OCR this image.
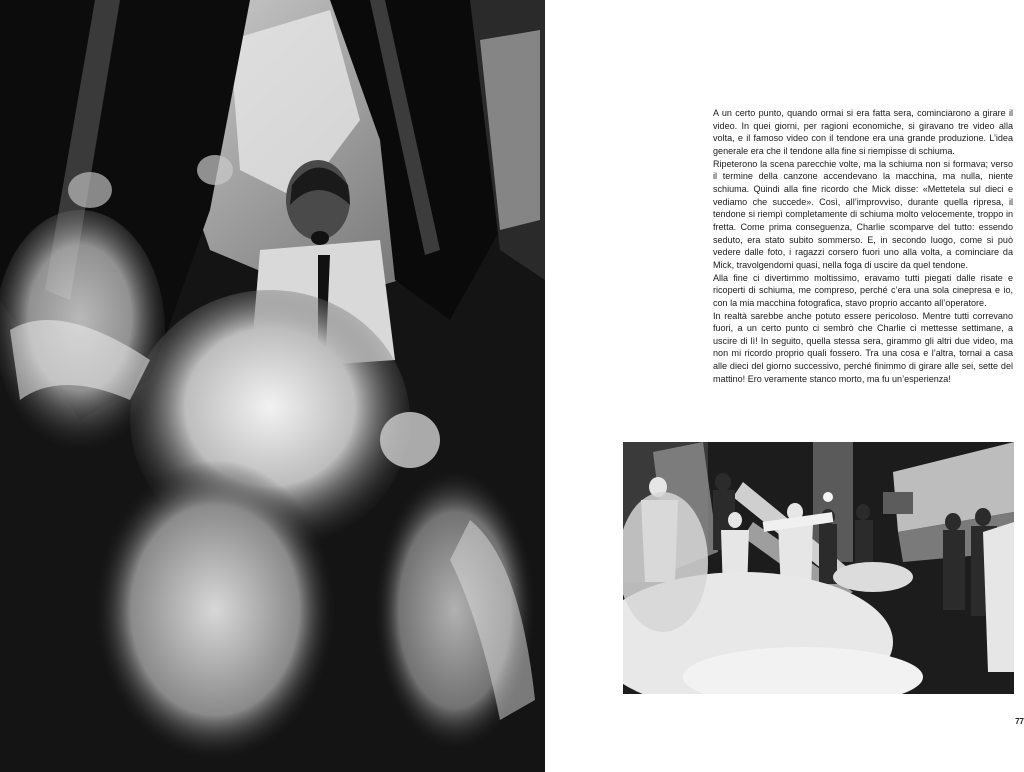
A un certo punto, quando ormai si era fatta sera, cominciarono a girare il video. In quei giorni, per ragioni economiche, si giravano tre video alla volta, e il famoso video con il tendone era una grande produzione. L’idea generale era che il tendone alla fine si riempisse di schiuma.

Ripeterono la scena parecchie volte, ma la schiuma non si formava; verso il termine della canzone accendevano la macchina, ma nulla, niente schiuma. Quindi alla fine ricordo che Mick disse: «Mettetela sul dieci e vediamo che succede». Così, all’improvviso, durante quella ripresa, il tendone si riempì completamente di schiuma molto velocemente, troppo in fretta. Come prima conseguenza, Charlie scomparve del tutto: essendo seduto, era stato subito sommerso. E, in secondo luogo, come si può vedere dalle foto, i ragazzi corsero fuori uno alla volta, a cominciare da Mick, travolgendomi quasi, nella foga di uscire da quel tendone.

Alla fine ci divertimmo moltissimo, eravamo tutti piegati dalle risate e ricoperti di schiuma, me compreso, perché c’era una sola cinepresa e io, con la mia macchina fotografica, stavo proprio accanto all’operatore.

In realtà sarebbe anche potuto essere pericoloso. Mentre tutti correvano fuori, a un certo punto ci sembrò che Charlie ci mettesse settimane, a uscire di lì! In seguito, quella stessa sera, girammo gli altri due video, ma non mi ricordo proprio quali fossero. Tra una cosa e l’altra, tornai a casa alle dieci del giorno successivo, perché finimmo di girare alle sei, sette del mattino! Ero veramente stanco morto, ma fu un’esperienza!

77
